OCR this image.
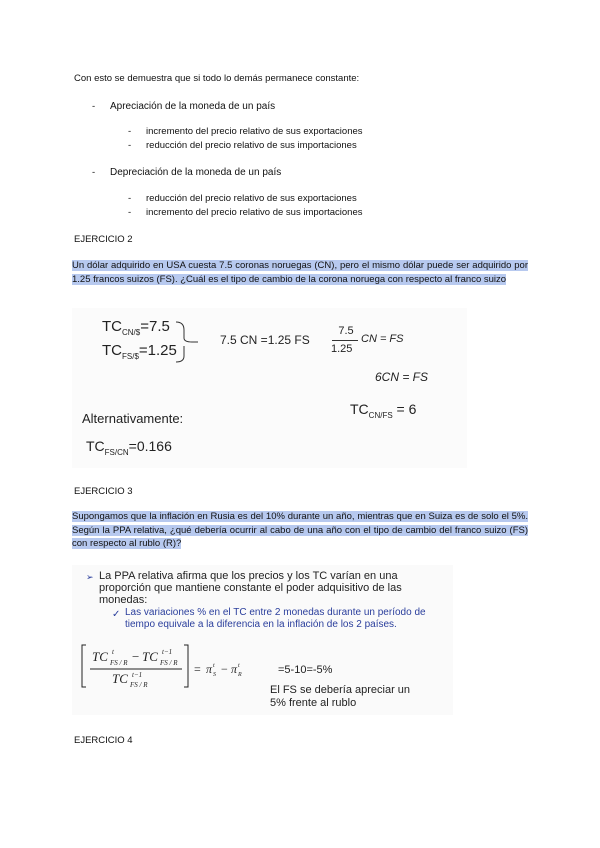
Con esto se demuestra que si todo lo demás permanece constante:
- Apreciación de la moneda de un país
- incremento del precio relativo de sus exportaciones
- reducción del precio relativo de sus importaciones
- Depreciación de la moneda de un país
- reducción del precio relativo de sus exportaciones
- incremento del precio relativo de sus importaciones
EJERCICIO 2
Un dólar adquirido en USA cuesta 7.5 coronas noruegas (CN), pero el mismo dólar puede ser adquirido por 1.25 francos suizos (FS). ¿Cuál es el tipo de cambio de la corona noruega con respecto al franco suizo
$TC_{CN/\$}=7.5$
$TC_{FS/\$}=1.25$
7.5 CN =1.25 FS
7.5
1.25
CN = FS
6CN = FS
$TC_{CN/FS} = 6$
Alternativamente:
$TC_{FS/CN}=0.166$
EJERCICIO 3
Supongamos que la inflación en Rusia es del 10% durante un año, mientras que en Suiza es de solo el 5%. Según la PPA relativa, ¿qué debería ocurrir al cabo de una año con el tipo de cambio del franco suizo (FS) con respecto al rublo (R)?
➢ La PPA relativa afirma que los precios y los TC varían en una proporción que mantiene constante el poder adquisitivo de las monedas:
✓ Las variaciones % en el TC entre 2 monedas durante un período de tiempo equivale a la diferencia en la inflación de los 2 países.
TC t
FS / R − TC t−1
FS / R
TC t−1
FS / R
= π t
S − π t
R	=5-10=-5%
El FS se debería apreciar un
5% frente al rublo
EJERCICIO 4
